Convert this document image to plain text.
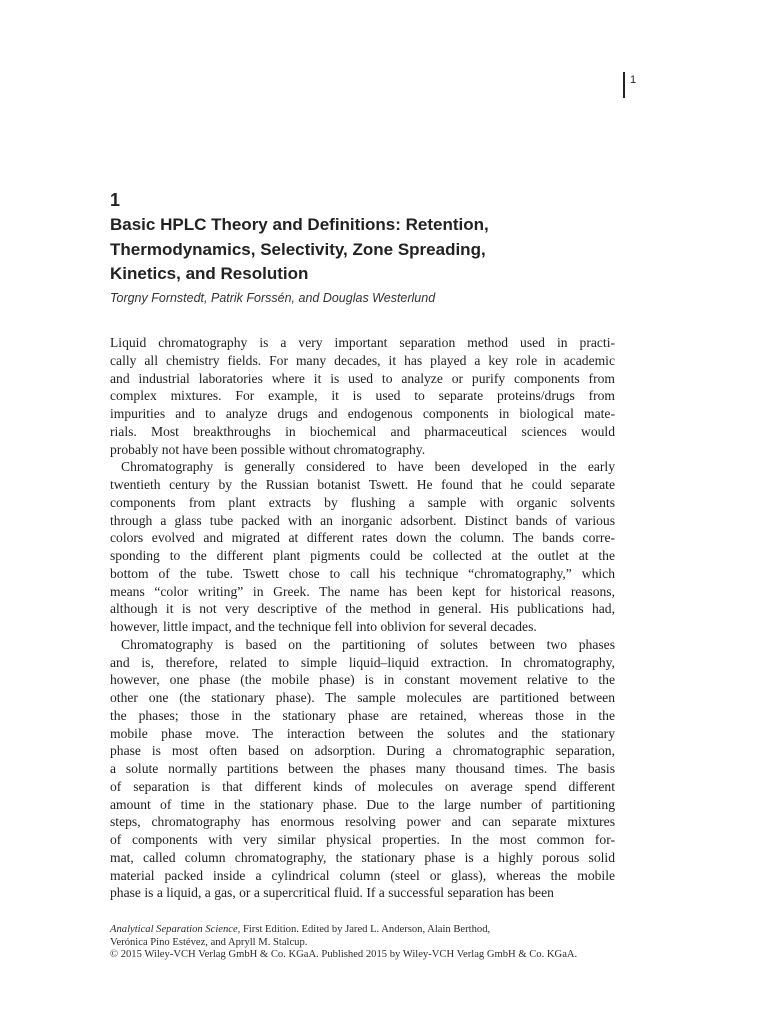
1
1
Basic HPLC Theory and Definitions: Retention,
Thermodynamics, Selectivity, Zone Spreading,
Kinetics, and Resolution

Torgny Fornstedt, Patrik Forssén, and Douglas Westerlund

Liquid chromatography is a very important separation method used in practi-
cally all chemistry fields. For many decades, it has played a key role in academic
and industrial laboratories where it is used to analyze or purify components from
complex mixtures. For example, it is used to separate proteins/drugs from
impurities and to analyze drugs and endogenous components in biological mate-
rials. Most breakthroughs in biochemical and pharmaceutical sciences would
probably not have been possible without chromatography.

Chromatography is generally considered to have been developed in the early
twentieth century by the Russian botanist Tswett. He found that he could separate
components from plant extracts by flushing a sample with organic solvents
through a glass tube packed with an inorganic adsorbent. Distinct bands of various
colors evolved and migrated at different rates down the column. The bands corre-
sponding to the different plant pigments could be collected at the outlet at the
bottom of the tube. Tswett chose to call his technique “chromatography,” which
means “color writing” in Greek. The name has been kept for historical reasons,
although it is not very descriptive of the method in general. His publications had,
however, little impact, and the technique fell into oblivion for several decades.

Chromatography is based on the partitioning of solutes between two phases
and is, therefore, related to simple liquid–liquid extraction. In chromatography,
however, one phase (the mobile phase) is in constant movement relative to the
other one (the stationary phase). The sample molecules are partitioned between
the phases; those in the stationary phase are retained, whereas those in the
mobile phase move. The interaction between the solutes and the stationary
phase is most often based on adsorption. During a chromatographic separation,
a solute normally partitions between the phases many thousand times. The basis
of separation is that different kinds of molecules on average spend different
amount of time in the stationary phase. Due to the large number of partitioning
steps, chromatography has enormous resolving power and can separate mixtures
of components with very similar physical properties. In the most common for-
mat, called column chromatography, the stationary phase is a highly porous solid
material packed inside a cylindrical column (steel or glass), whereas the mobile
phase is a liquid, a gas, or a supercritical fluid. If a successful separation has been

Analytical Separation Science, First Edition. Edited by Jared L. Anderson, Alain Berthod,
Verónica Pino Estévez, and Apryll M. Stalcup.
© 2015 Wiley-VCH Verlag GmbH & Co. KGaA. Published 2015 by Wiley-VCH Verlag GmbH & Co. KGaA.
